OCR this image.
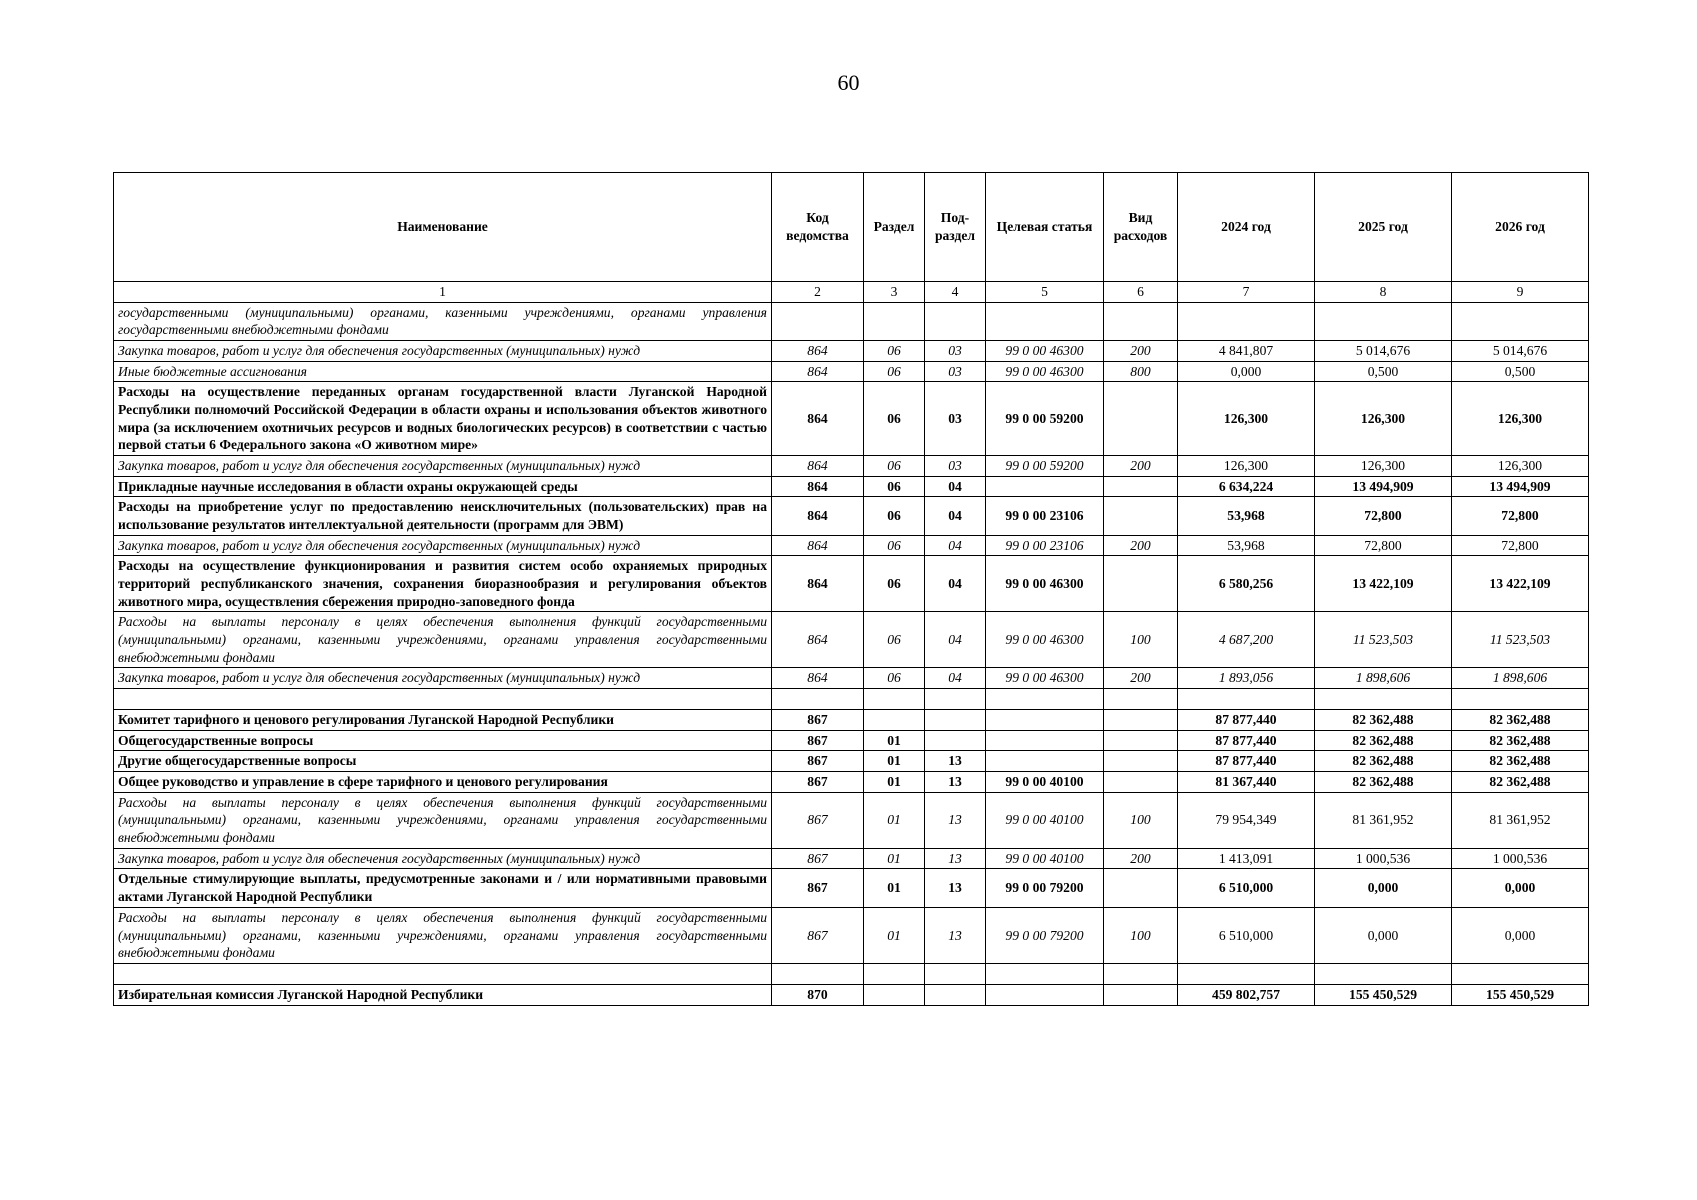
60
Наименование	Код ведомства	Раздел	Под-раздел	Целевая статья	Вид расходов	2024 год	2025 год	2026 год
1	2	3	4	5	6	7	8	9
государственными (муниципальными) органами, казенными учреждениями, органами управления государственными внебюджетными фондами								
Закупка товаров, работ и услуг для обеспечения государственных (муниципальных) нужд	864	06	03	99 0 00 46300	200	4 841,807	5 014,676	5 014,676
Иные бюджетные ассигнования	864	06	03	99 0 00 46300	800	0,000	0,500	0,500
Расходы на осуществление переданных органам государственной власти Луганской Народной Республики полномочий Российской Федерации в области охраны и использования объектов животного мира (за исключением охотничьих ресурсов и водных биологических ресурсов) в соответствии с частью первой статьи 6 Федерального закона «О животном мире»	864	06	03	99 0 00 59200		126,300	126,300	126,300
Закупка товаров, работ и услуг для обеспечения государственных (муниципальных) нужд	864	06	03	99 0 00 59200	200	126,300	126,300	126,300
Прикладные научные исследования в области охраны окружающей среды	864	06	04			6 634,224	13 494,909	13 494,909
Расходы на приобретение услуг по предоставлению неисключительных (пользовательских) прав на использование результатов интеллектуальной деятельности (программ для ЭВМ)	864	06	04	99 0 00 23106		53,968	72,800	72,800
Закупка товаров, работ и услуг для обеспечения государственных (муниципальных) нужд	864	06	04	99 0 00 23106	200	53,968	72,800	72,800
Расходы на осуществление функционирования и развития систем особо охраняемых природных территорий республиканского значения, сохранения биоразнообразия и регулирования объектов животного мира, осуществления сбережения природно-заповедного фонда	864	06	04	99 0 00 46300		6 580,256	13 422,109	13 422,109
Расходы на выплаты персоналу в целях обеспечения выполнения функций государственными (муниципальными) органами, казенными учреждениями, органами управления государственными внебюджетными фондами	864	06	04	99 0 00 46300	100	4 687,200	11 523,503	11 523,503
Закупка товаров, работ и услуг для обеспечения государственных (муниципальных) нужд	864	06	04	99 0 00 46300	200	1 893,056	1 898,606	1 898,606

Комитет тарифного и ценового регулирования Луганской Народной Республики	867					87 877,440	82 362,488	82 362,488
Общегосударственные вопросы	867	01				87 877,440	82 362,488	82 362,488
Другие общегосударственные вопросы	867	01	13			87 877,440	82 362,488	82 362,488
Общее руководство и управление в сфере тарифного и ценового регулирования	867	01	13	99 0 00 40100		81 367,440	82 362,488	82 362,488
Расходы на выплаты персоналу в целях обеспечения выполнения функций государственными (муниципальными) органами, казенными учреждениями, органами управления государственными внебюджетными фондами	867	01	13	99 0 00 40100	100	79 954,349	81 361,952	81 361,952
Закупка товаров, работ и услуг для обеспечения государственных (муниципальных) нужд	867	01	13	99 0 00 40100	200	1 413,091	1 000,536	1 000,536
Отдельные стимулирующие выплаты, предусмотренные законами и / или нормативными правовыми актами Луганской Народной Республики	867	01	13	99 0 00 79200		6 510,000	0,000	0,000
Расходы на выплаты персоналу в целях обеспечения выполнения функций государственными (муниципальными) органами, казенными учреждениями, органами управления государственными внебюджетными фондами	867	01	13	99 0 00 79200	100	6 510,000	0,000	0,000

Избирательная комиссия Луганской Народной Республики	870					459 802,757	155 450,529	155 450,529
